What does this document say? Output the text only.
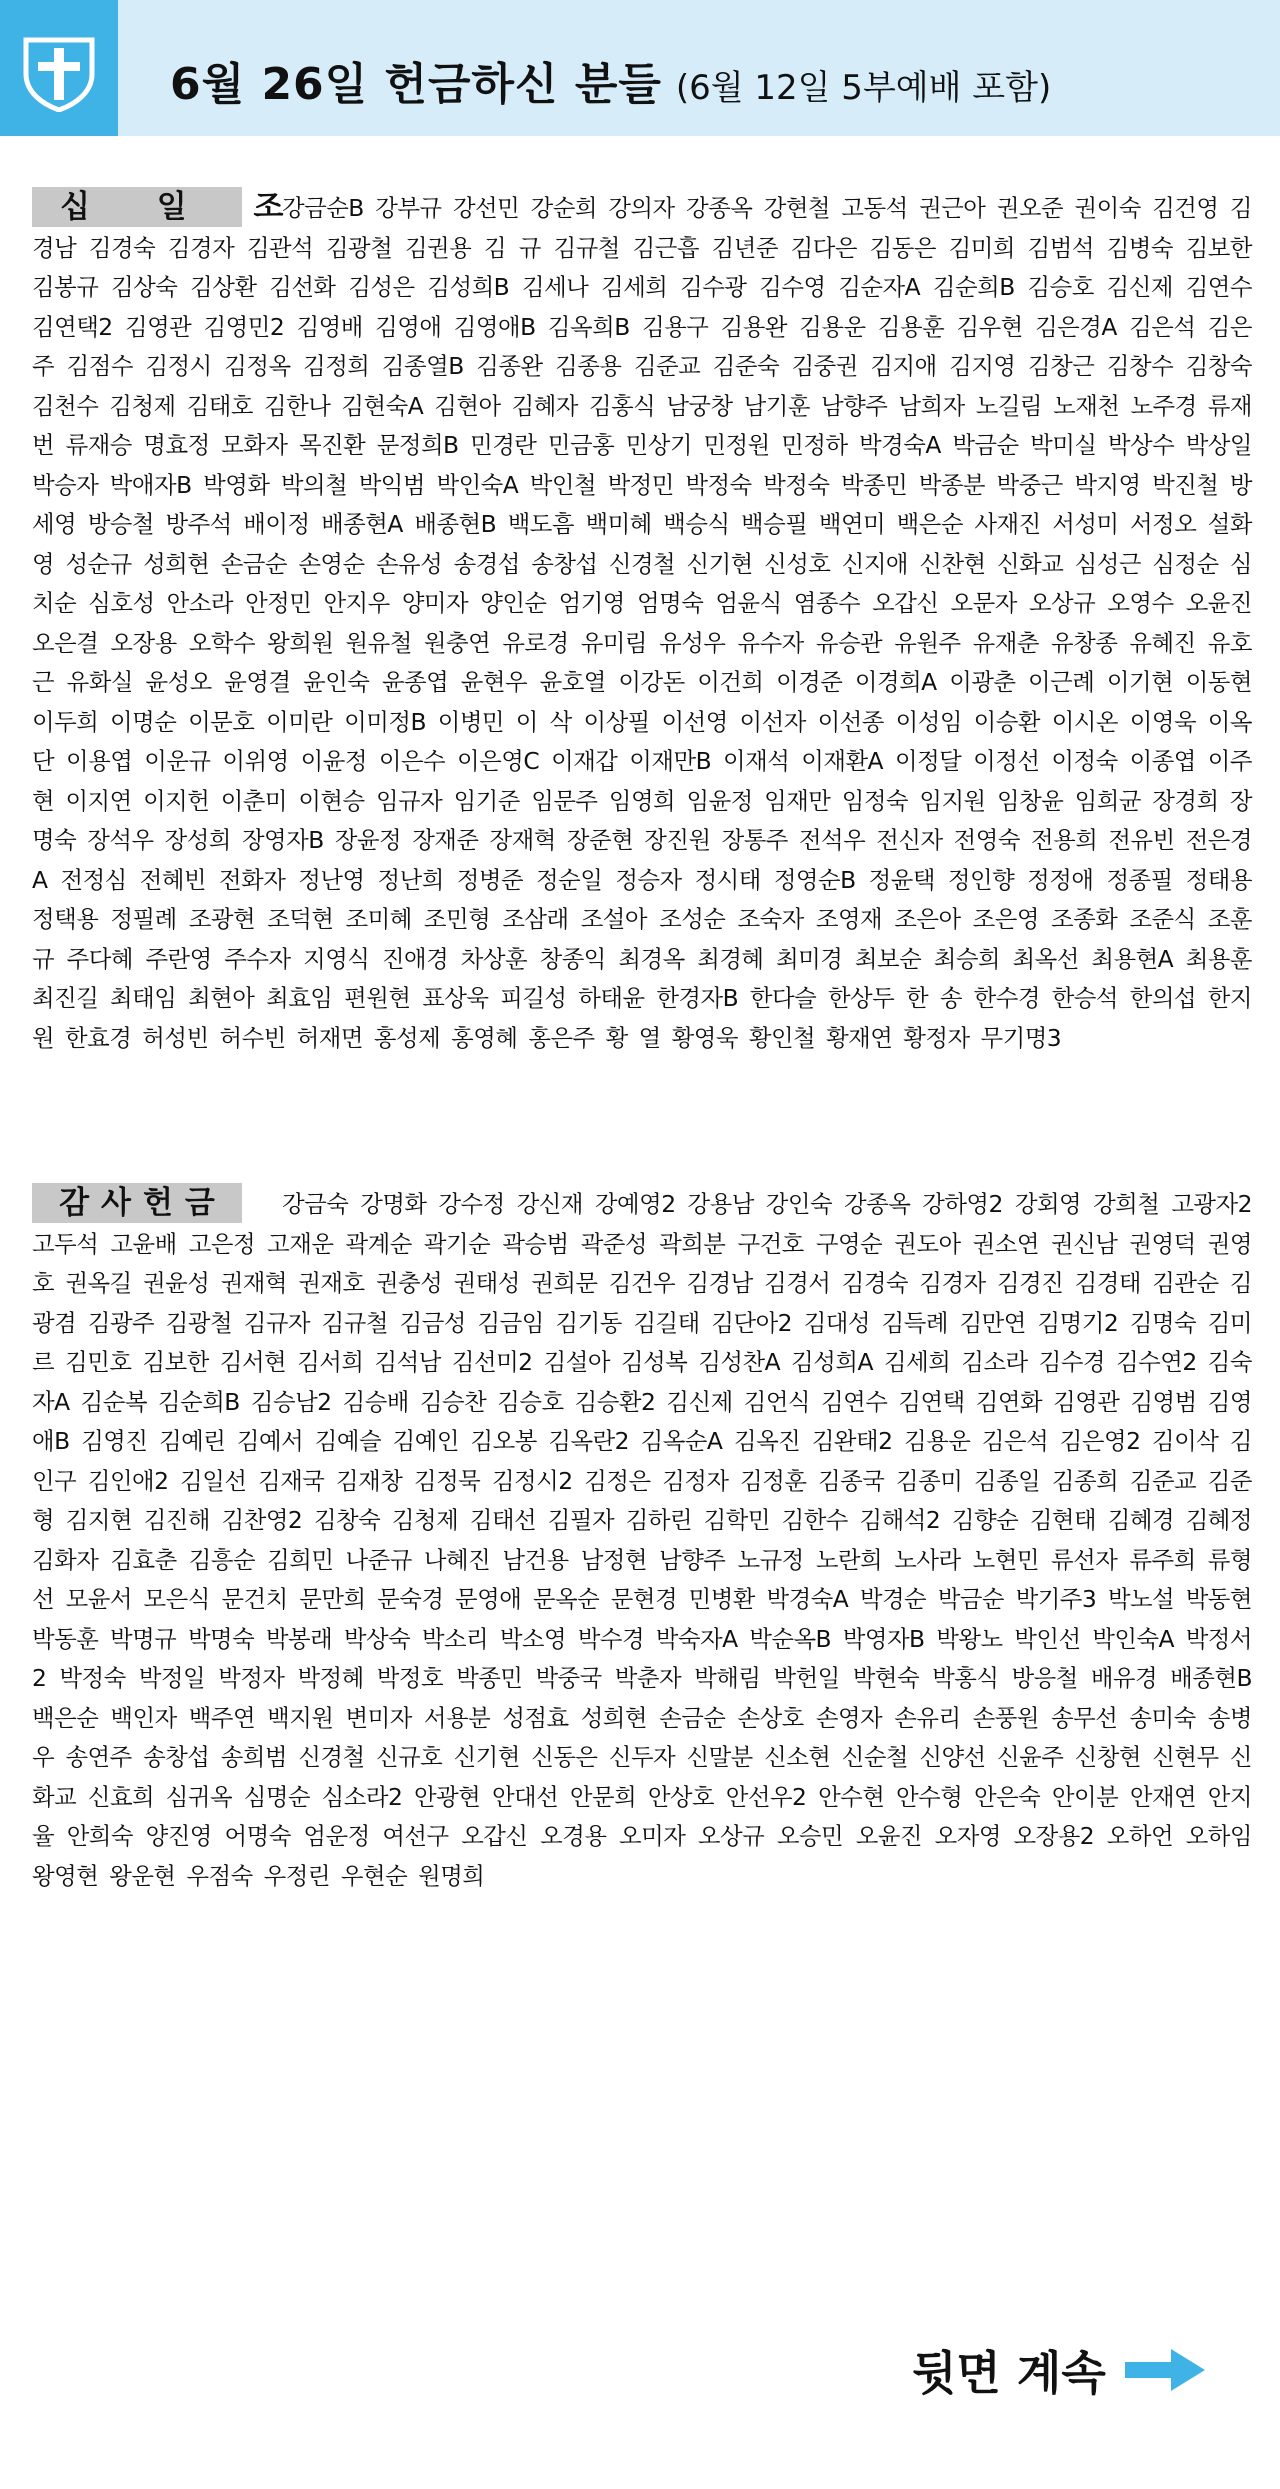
6월 26일 헌금하신 분들 (6월 12일 5부예배 포함)
십 일 조
강금순B 강부규 강선민 강순희 강의자 강종옥 강현철 고동석 권근아 권오준 권이숙 김건영 김경남 김경숙 김경자 김관석 김광철 김권용 김 규 김규철 김근흡 김년준 김다은 김동은 김미희 김범석 김병숙 김보한 김봉규 김상숙 김상환 김선화 김성은 김성희B 김세나 김세희 김수광 김수영 김순자A 김순희B 김승호 김신제 김연수 김연택2 김영관 김영민2 김영배 김영애 김영애B 김옥희B 김용구 김용완 김용운 김용훈 김우현 김은경A 김은석 김은주 김점수 김정시 김정옥 김정희 김종열B 김종완 김종용 김준교 김준숙 김중권 김지애 김지영 김창근 김창수 김창숙 김천수 김청제 김태호 김한나 김현숙A 김현아 김혜자 김홍식 남궁창 남기훈 남향주 남희자 노길림 노재천 노주경 류재번 류재승 명효정 모화자 목진환 문정희B 민경란 민금홍 민상기 민정원 민정하 박경숙A 박금순 박미실 박상수 박상일 박승자 박애자B 박영화 박의철 박익범 박인숙A 박인철 박정민 박정숙 박정숙 박종민 박종분 박중근 박지영 박진철 방세영 방승철 방주석 배이정 배종현A 배종현B 백도흠 백미혜 백승식 백승필 백연미 백은순 사재진 서성미 서정오 설화영 성순규 성희현 손금순 손영순 손유성 송경섭 송창섭 신경철 신기현 신성호 신지애 신찬현 신화교 심성근 심정순 심치순 심호성 안소라 안정민 안지우 양미자 양인순 엄기영 엄명숙 엄윤식 염종수 오갑신 오문자 오상규 오영수 오윤진 오은결 오장용 오학수 왕희원 원유철 원충연 유로경 유미림 유성우 유수자 유승관 유원주 유재춘 유창종 유혜진 유호근 유화실 윤성오 윤영결 윤인숙 윤종엽 윤현우 윤호열 이강돈 이건희 이경준 이경희A 이광춘 이근례 이기현 이동현 이두희 이명순 이문호 이미란 이미정B 이병민 이 삭 이상필 이선영 이선자 이선종 이성임 이승환 이시온 이영욱 이옥단 이용엽 이운규 이위영 이윤정 이은수 이은영C 이재갑 이재만B 이재석 이재환A 이정달 이정선 이정숙 이종엽 이주현 이지연 이지헌 이춘미 이현승 임규자 임기준 임문주 임영희 임윤정 임재만 임정숙 임지원 임창윤 임희균 장경희 장명숙 장석우 장성희 장영자B 장윤정 장재준 장재혁 장준현 장진원 장통주 전석우 전신자 전영숙 전용희 전유빈 전은경A 전정심 전혜빈 전화자 정난영 정난희 정병준 정순일 정승자 정시태 정영순B 정윤택 정인향 정정애 정종필 정태용 정택용 정필례 조광현 조덕현 조미혜 조민형 조삼래 조설아 조성순 조숙자 조영재 조은아 조은영 조종화 조준식 조훈규 주다혜 주란영 주수자 지영식 진애경 차상훈 창종익 최경옥 최경혜 최미경 최보순 최승희 최옥선 최용현A 최용훈 최진길 최태임 최현아 최효임 편원현 표상욱 피길성 하태윤 한경자B 한다슬 한상두 한 송 한수경 한승석 한의섭 한지원 한효경 허성빈 허수빈 허재면 홍성제 홍영혜 홍은주 황 열 황영욱 황인철 황재연 황정자 무기명3
감사헌금	강금숙 강명화 강수정 강신재 강예영2 강용남 강인숙 강종옥 강하영2 강회영 강희철 고광자2 고두석 고윤배 고은정 고재운 곽계순 곽기순 곽승범 곽준성 곽희분 구건호 구영순 권도아 권소연 권신남 권영덕 권영호 권옥길 권윤성 권재혁 권재호 권충성 권태성 권희문 김건우 김경남 김경서 김경숙 김경자 김경진 김경태 김관순 김광겸 김광주 김광철 김규자 김규철 김금성 김금임 김기동 김길태 김단아2 김대성 김득례 김만연 김명기2 김명숙 김미르 김민호 김보한 김서현 김서희 김석남 김선미2 김설아 김성복 김성찬A 김성희A 김세희 김소라 김수경 김수연2 김숙자A 김순복 김순희B 김승남2 김승배 김승찬 김승호 김승환2 김신제 김언식 김연수 김연택 김연화 김영관 김영범 김영애B 김영진 김예린 김예서 김예슬 김예인 김오봉 김옥란2 김옥순A 김옥진 김완태2 김용운 김은석 김은영2 김이삭 김인구 김인애2 김일선 김재국 김재창 김정묵 김정시2 김정은 김정자 김정훈 김종국 김종미 김종일 김종희 김준교 김준형 김지현 김진해 김찬영2 김창숙 김청제 김태선 김필자 김하린 김학민 김한수 김해석2 김향순 김현태 김혜경 김혜정 김화자 김효춘 김흥순 김희민 나준규 나혜진 남건용 남정현 남향주 노규정 노란희 노사라 노현민 류선자 류주희 류형선 모윤서 모은식 문건치 문만희 문숙경 문영애 문옥순 문현경 민병환 박경숙A 박경순 박금순 박기주3 박노설 박동현 박동훈 박명규 박명숙 박봉래 박상숙 박소리 박소영 박수경 박숙자A 박순옥B 박영자B 박왕노 박인선 박인숙A 박정서2 박정숙 박정일 박정자 박정혜 박정호 박종민 박중국 박춘자 박해림 박헌일 박현숙 박홍식 방응철 배유경 배종현B 백은순 백인자 백주연 백지원 변미자 서용분 성점효 성희현 손금순 손상호 손영자 손유리 손풍원 송무선 송미숙 송병우 송연주 송창섭 송희범 신경철 신규호 신기현 신동은 신두자 신말분 신소현 신순철 신양선 신윤주 신창현 신현무 신화교 신효희 심귀옥 심명순 심소라2 안광현 안대선 안문희 안상호 안선우2 안수현 안수형 안은숙 안이분 안재연 안지율 안희숙 양진영 어명숙 엄운정 여선구 오갑신 오경용 오미자 오상규 오승민 오윤진 오자영 오장용2 오하언 오하임 왕영현 왕운현 우점숙 우정린 우현순 원명희
뒷면 계속
